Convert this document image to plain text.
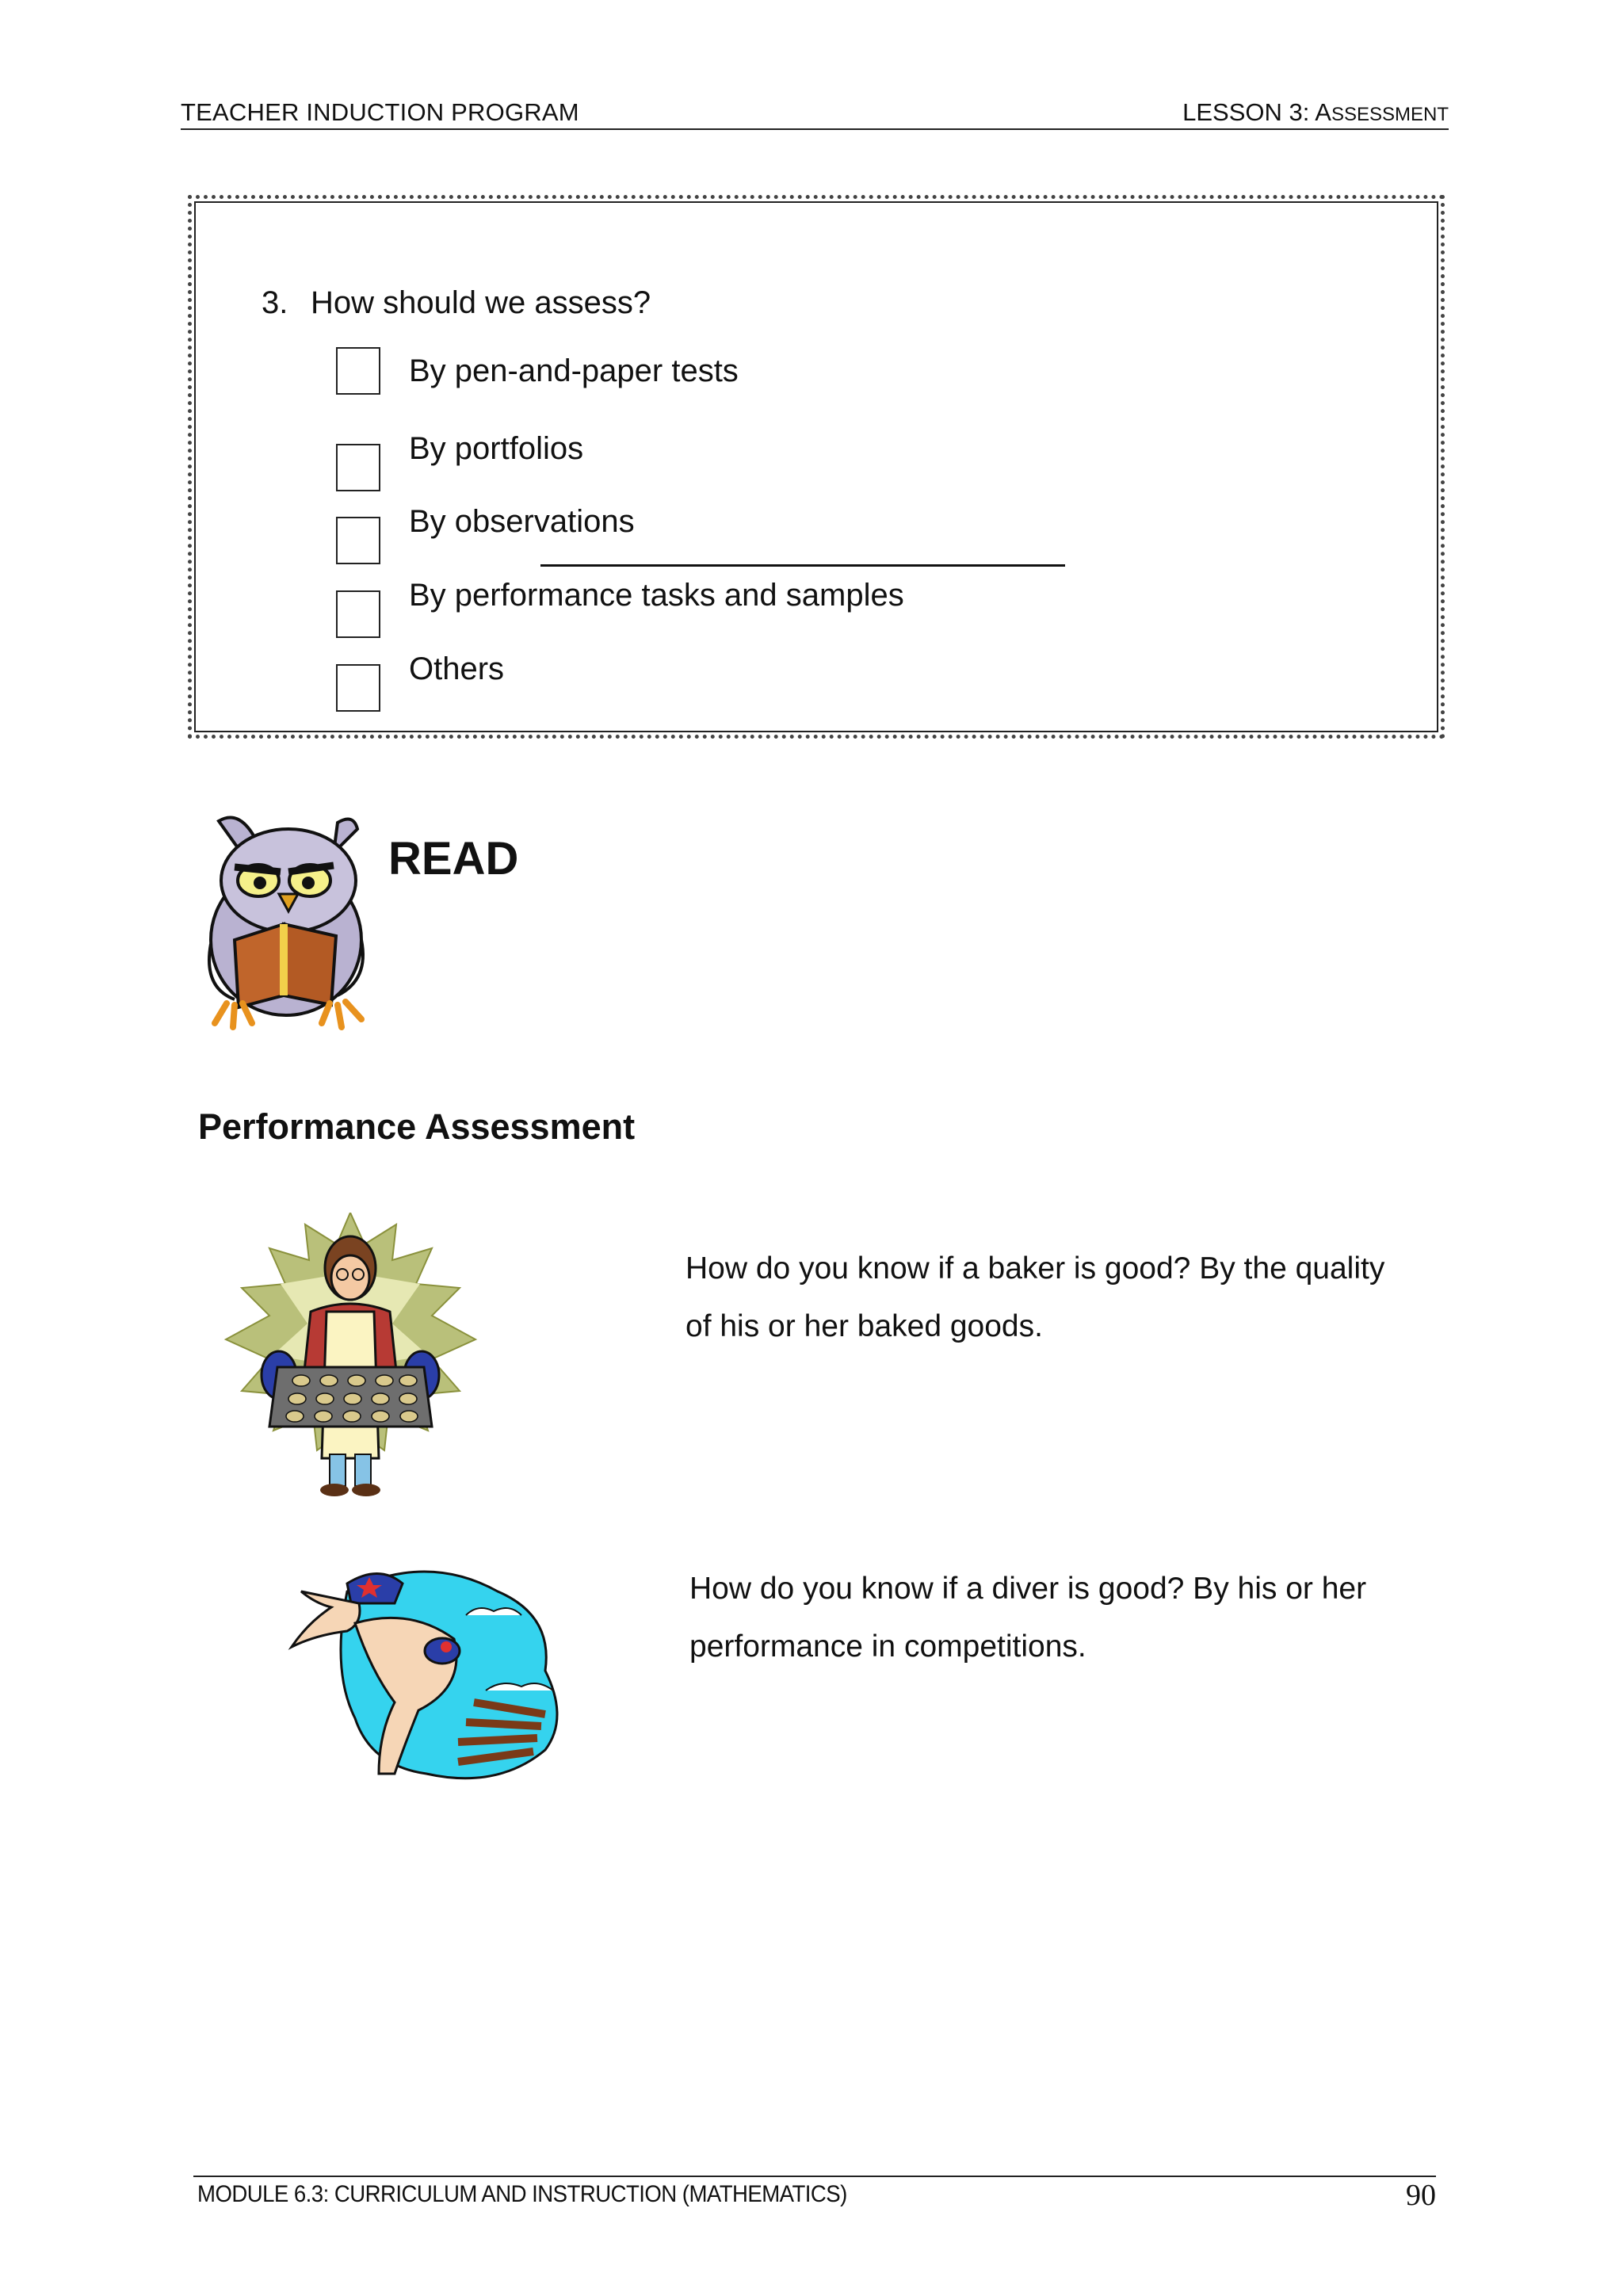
TEACHER INDUCTION PROGRAM	LESSON 3: ASSESSMENT
3. How should we assess?
By pen-and-paper tests
By portfolios
By observations
By performance tasks and samples
Others
READ
Performance Assessment
How do you know if a baker is good? By the quality of his or her baked goods.
How do you know if a diver is good? By his or her performance in competitions.
MODULE 6.3: CURRICULUM AND INSTRUCTION (MATHEMATICS)	90
